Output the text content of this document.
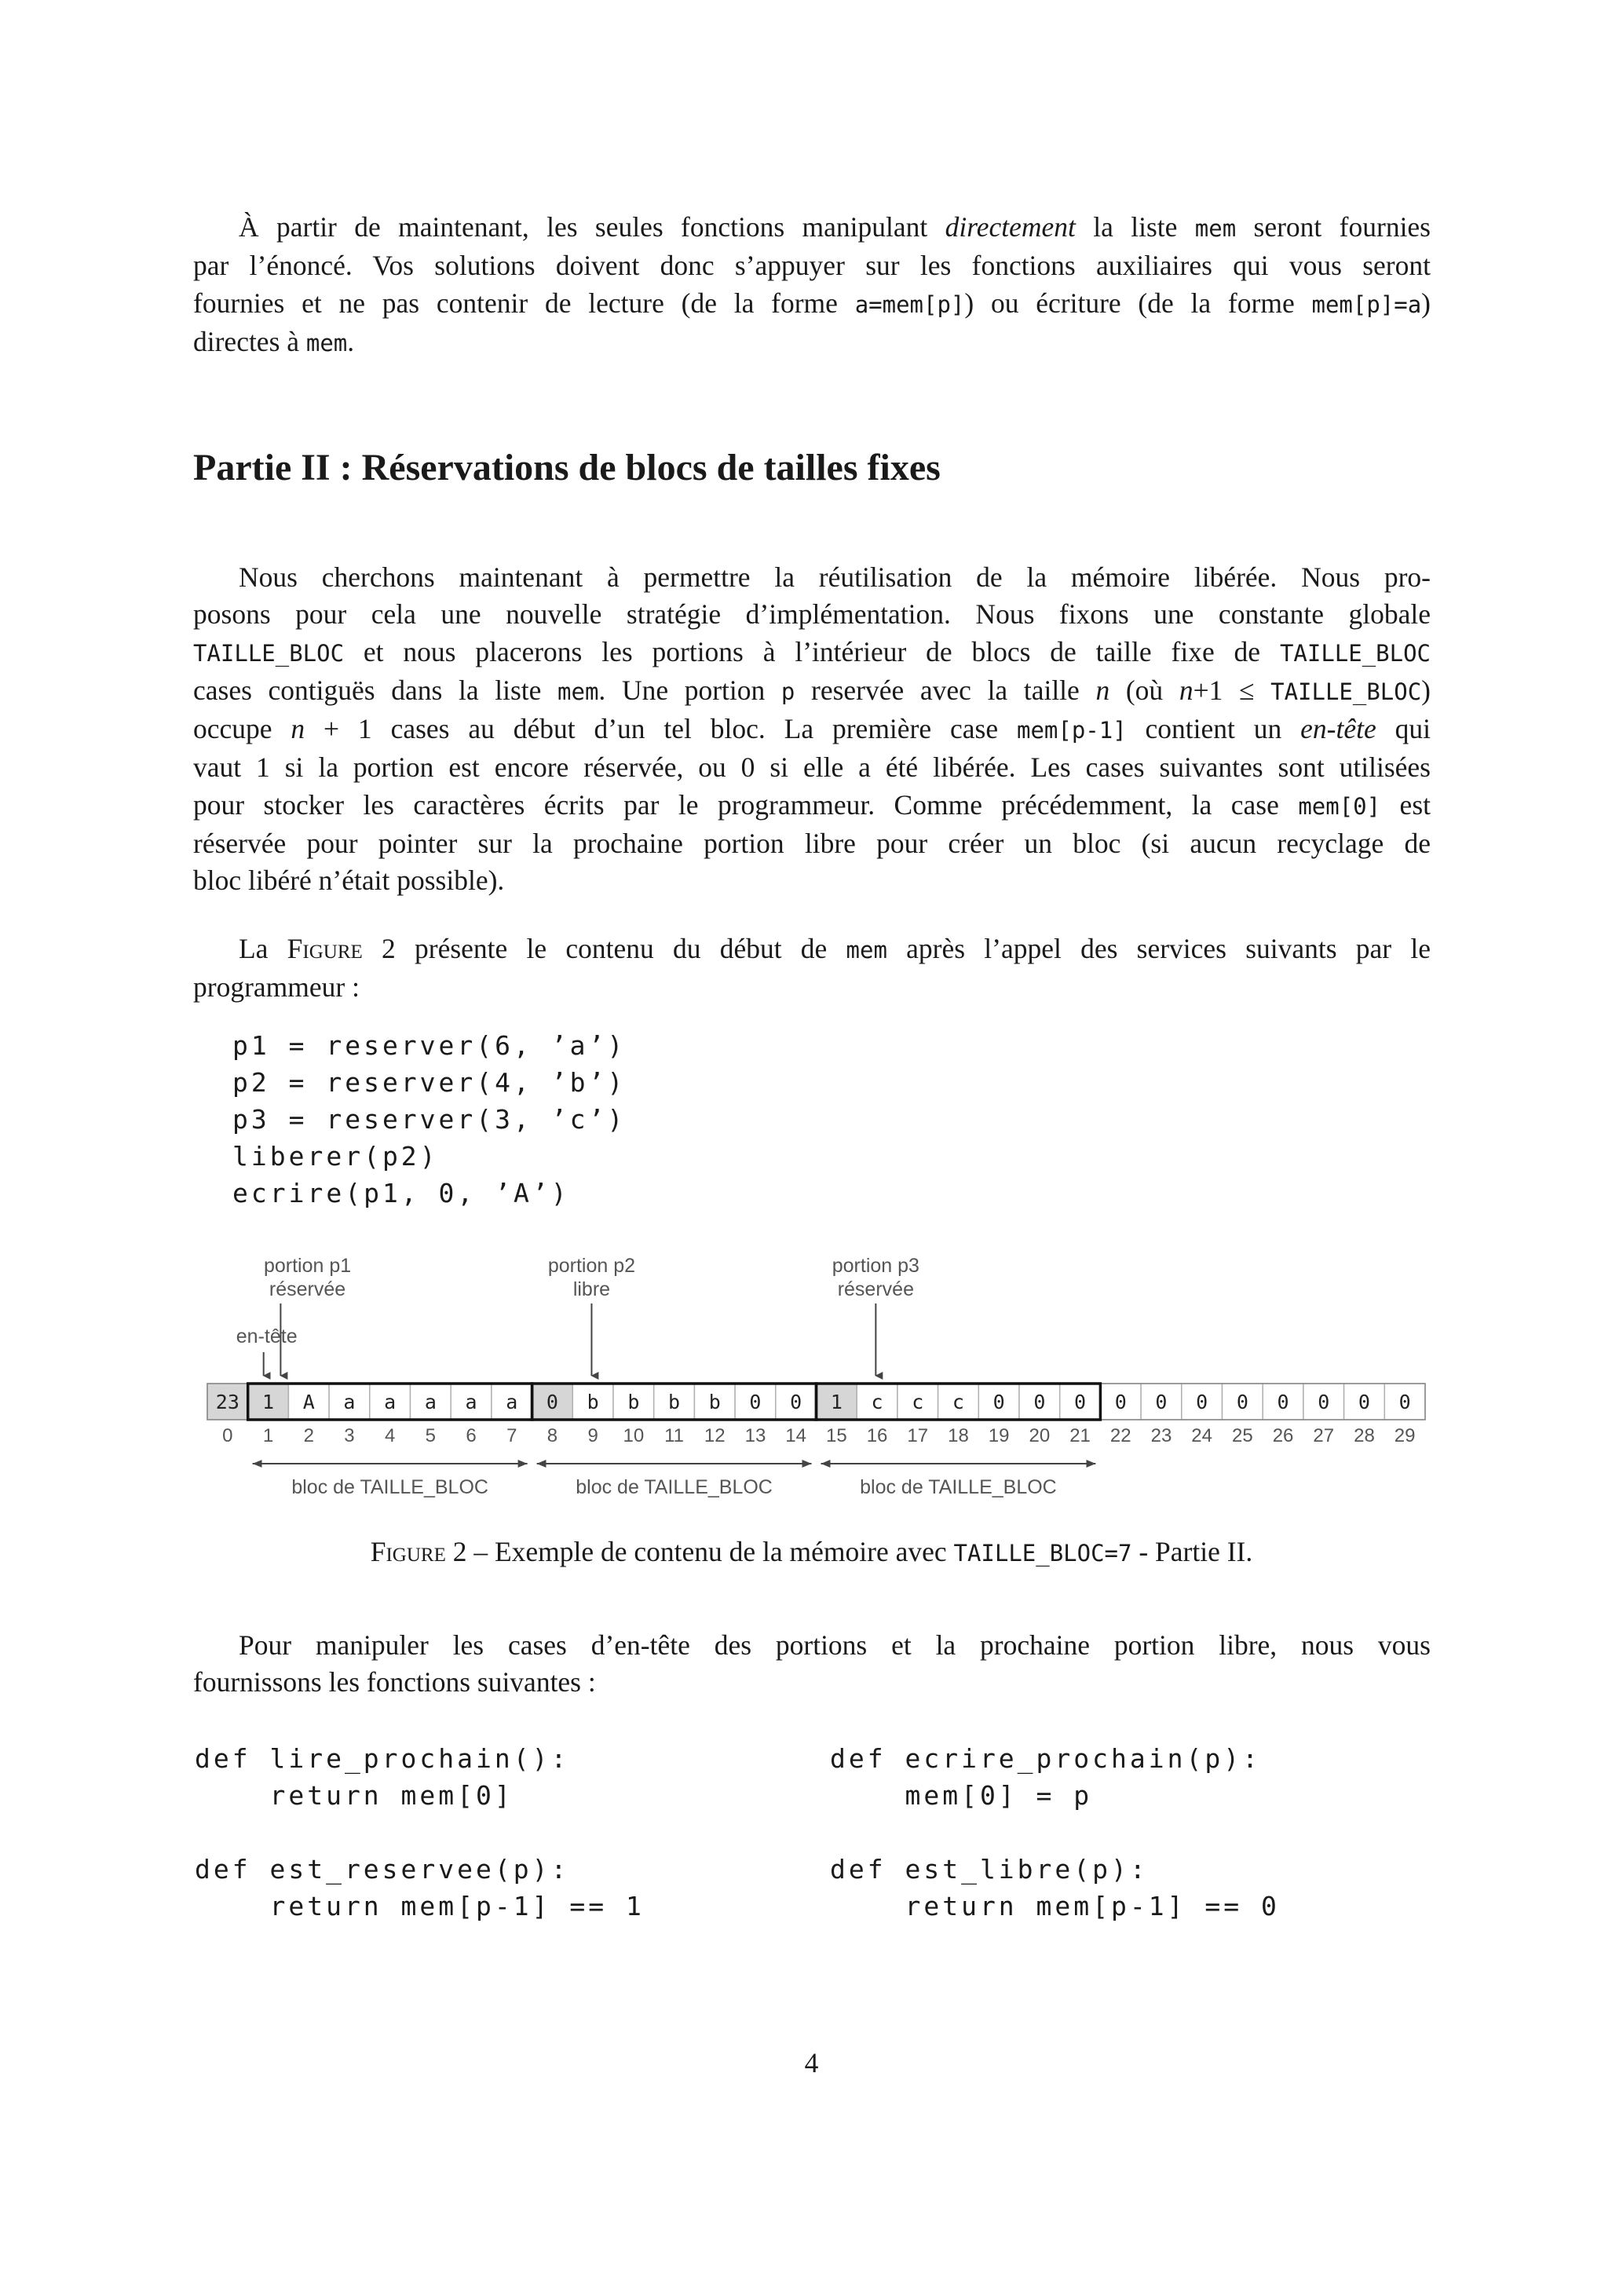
À partir de maintenant, les seules fonctions manipulant directement la liste mem seront fournies
par l’énoncé. Vos solutions doivent donc s’appuyer sur les fonctions auxiliaires qui vous seront
fournies et ne pas contenir de lecture (de la forme a=mem[p]) ou écriture (de la forme mem[p]=a)
directes à mem.
Partie II : Réservations de blocs de tailles fixes
Nous cherchons maintenant à permettre la réutilisation de la mémoire libérée. Nous pro-
posons pour cela une nouvelle stratégie d’implémentation. Nous fixons une constante globale
TAILLE_BLOC et nous placerons les portions à l’intérieur de blocs de taille fixe de TAILLE_BLOC
cases contiguës dans la liste mem. Une portion p reservée avec la taille n (où n+1 ≤ TAILLE_BLOC)
occupe n + 1 cases au début d’un tel bloc. La première case mem[p-1] contient un en-tête qui
vaut 1 si la portion est encore réservée, ou 0 si elle a été libérée. Les cases suivantes sont utilisées
pour stocker les caractères écrits par le programmeur. Comme précédemment, la case mem[0] est
réservée pour pointer sur la prochaine portion libre pour créer un bloc (si aucun recyclage de
bloc libéré n’était possible).
La Figure 2 présente le contenu du début de mem après l’appel des services suivants par le
programmeur :
p1 = reserver(6, ’a’)
p2 = reserver(4, ’b’)
p3 = reserver(3, ’c’)
liberer(p2)
ecrire(p1, 0, ’A’)
portion p1
réservée
portion p2
libre
portion p3
réservée
en-tête
23 1 A a a a a a 0 b b b b 0 0 1 c c c 0 0 0 0 0 0 0 0 0 0 0
0 1 2 3 4 5 6 7 8 9 10 11 12 13 14 15 16 17 18 19 20 21 22 23 24 25 26 27 28 29
bloc de TAILLE_BLOC	bloc de TAILLE_BLOC	bloc de TAILLE_BLOC
Figure 2 – Exemple de contenu de la mémoire avec TAILLE_BLOC=7 - Partie II.
Pour manipuler les cases d’en-tête des portions et la prochaine portion libre, nous vous
fournissons les fonctions suivantes :
def lire_prochain():
return mem[0]

def est_reservee(p):
return mem[p-1] == 1
def ecrire_prochain(p):
mem[0] = p

def est_libre(p):
return mem[p-1] == 0
4
